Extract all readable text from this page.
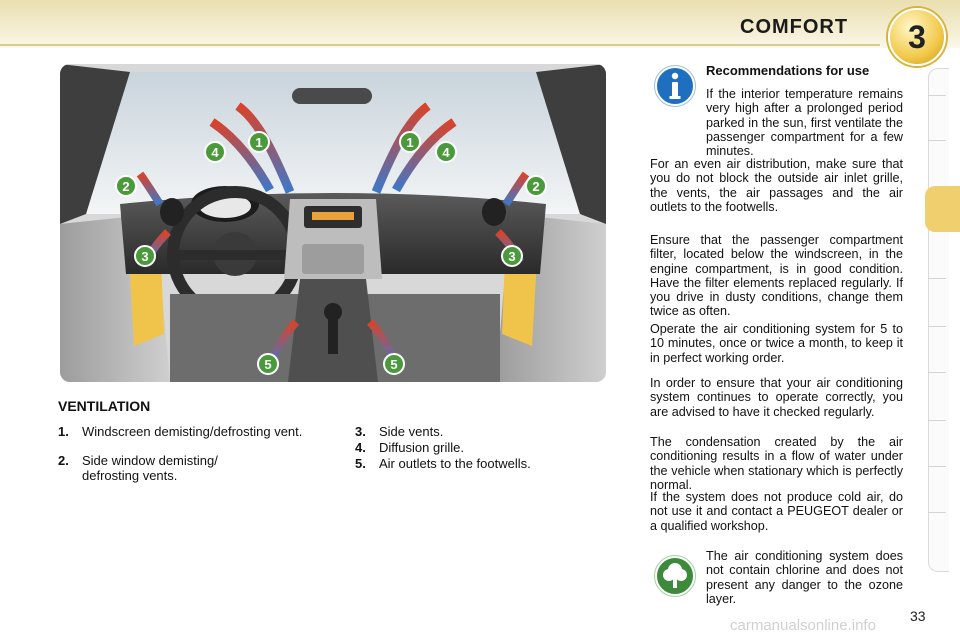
COMFORT	3
1	1
2	2
3	3
4	4
5	5
VENTILATION
1.	Windscreen demisting/defrosting vent.
2.	Side window demisting/ defrosting vents.
3.	Side vents.
4.	Diffusion grille.
5.	Air outlets to the footwells.
Recommendations for use
If the interior temperature remains very high after a prolonged period parked in the sun, first ventilate the passenger compartment for a few minutes.
For an even air distribution, make sure that you do not block the outside air inlet grille, the vents, the air passages and the air outlets to the footwells.
Ensure that the passenger compartment filter, located below the windscreen, in the engine compartment, is in good condition. Have the filter elements replaced regularly. If you drive in dusty conditions, change them twice as often.
Operate the air conditioning system for 5 to 10 minutes, once or twice a month, to keep it in perfect working order.
In order to ensure that your air conditioning system continues to operate correctly, you are advised to have it checked regularly.
The condensation created by the air conditioning results in a flow of water under the vehicle when stationary which is perfectly normal.
If the system does not produce cold air, do not use it and contact a PEUGEOT dealer or a qualified workshop.
The air conditioning system does not contain chlorine and does not present any danger to the ozone layer.
33
carmanualsonline.info
